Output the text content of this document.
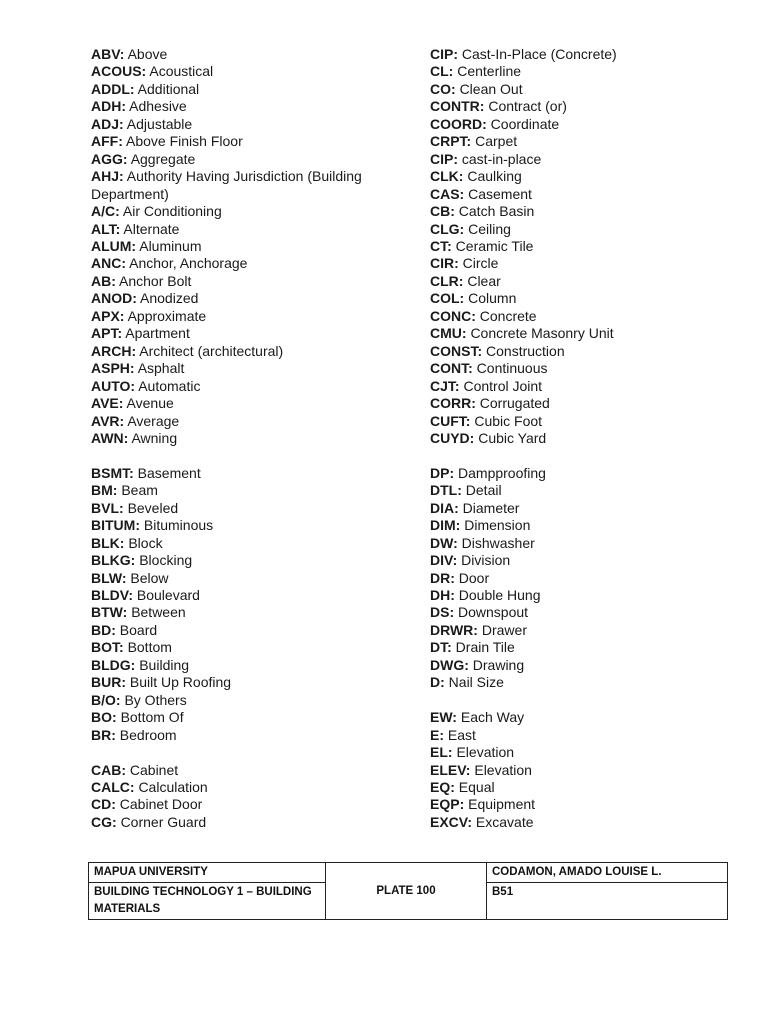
ABV: Above

ACOUS: Acoustical

ADDL: Additional

ADH: Adhesive

ADJ: Adjustable

AFF: Above Finish Floor

AGG: Aggregate

AHJ: Authority Having Jurisdiction (Building Department)

A/C: Air Conditioning

ALT: Alternate

ALUM: Aluminum

ANC: Anchor, Anchorage

AB: Anchor Bolt

ANOD: Anodized

APX: Approximate

APT: Apartment

ARCH: Architect (architectural)

ASPH: Asphalt

AUTO: Automatic

AVE: Avenue

AVR: Average

AWN: Awning

BSMT: Basement

BM: Beam

BVL: Beveled

BITUM: Bituminous

BLK: Block

BLKG: Blocking

BLW: Below

BLDV: Boulevard

BTW: Between

BD: Board

BOT: Bottom

BLDG: Building

BUR: Built Up Roofing

B/O: By Others

BO: Bottom Of

BR: Bedroom

CAB: Cabinet

CALC: Calculation

CD: Cabinet Door

CG: Corner Guard

CIP: Cast-In-Place (Concrete)

CL: Centerline

CO: Clean Out

CONTR: Contract (or)

COORD: Coordinate

CRPT: Carpet

CIP: cast-in-place

CLK: Caulking

CAS: Casement

CB: Catch Basin

CLG: Ceiling

CT: Ceramic Tile

CIR: Circle

CLR: Clear

COL: Column

CONC: Concrete

CMU: Concrete Masonry Unit

CONST: Construction

CONT: Continuous

CJT: Control Joint

CORR: Corrugated

CUFT: Cubic Foot

CUYD: Cubic Yard

DP: Dampproofing

DTL: Detail

DIA: Diameter

DIM: Dimension

DW: Dishwasher

DIV: Division

DR: Door

DH: Double Hung

DS: Downspout

DRWR: Drawer

DT: Drain Tile

DWG: Drawing

D: Nail Size

EW: Each Way

E: East

EL: Elevation

ELEV: Elevation

EQ: Equal

EQP: Equipment

EXCV: Excavate

MAPUA UNIVERSITY	PLATE 100	CODAMON, AMADO LOUISE L.
BUILDING TECHNOLOGY 1 – BUILDING MATERIALS		B51
